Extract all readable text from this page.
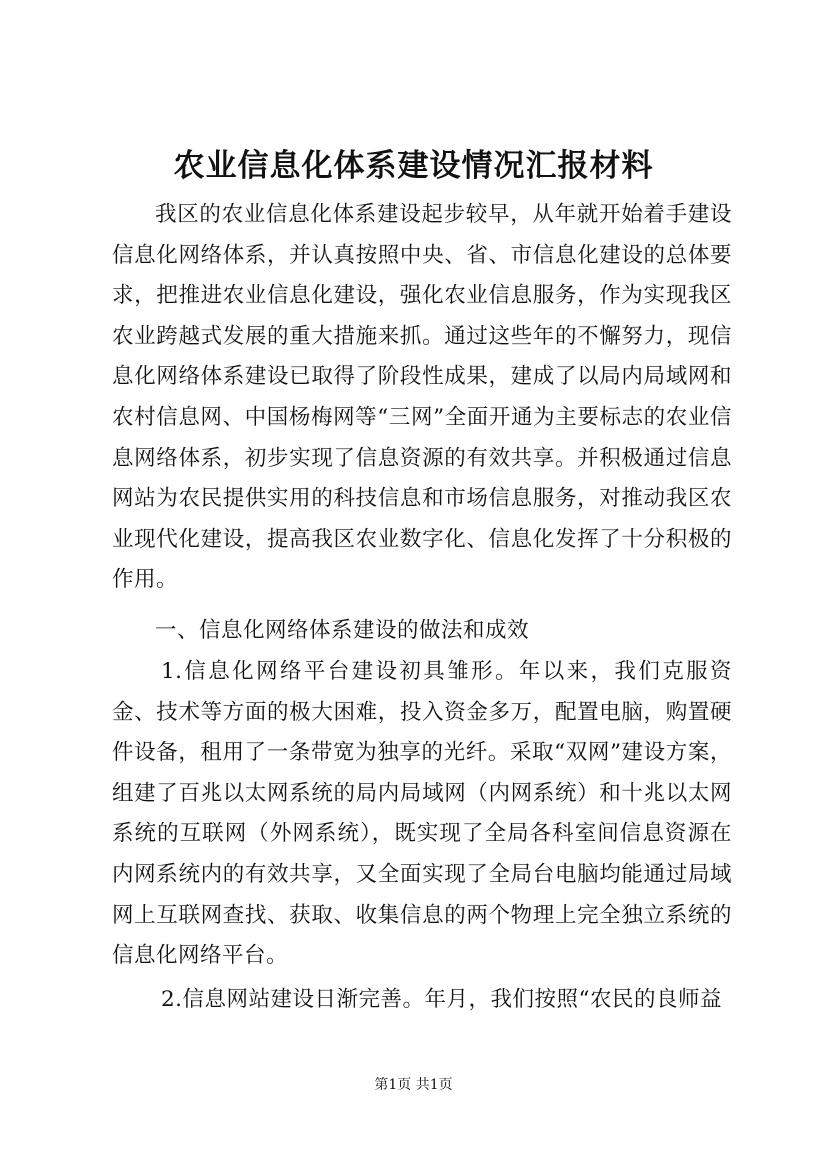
农业信息化体系建设情况汇报材料

我区的农业信息化体系建设起步较早，从年就开始着手建设信息化网络体系，并认真按照中央、省、市信息化建设的总体要求，把推进农业信息化建设，强化农业信息服务，作为实现我区农业跨越式发展的重大措施来抓。通过这些年的不懈努力，现信息化网络体系建设已取得了阶段性成果，建成了以局内局域网和农村信息网、中国杨梅网等“三网”全面开通为主要标志的农业信息网络体系，初步实现了信息资源的有效共享。并积极通过信息网站为农民提供实用的科技信息和市场信息服务，对推动我区农业现代化建设，提高我区农业数字化、信息化发挥了十分积极的作用。

一、信息化网络体系建设的做法和成效

1.信息化网络平台建设初具雏形。年以来，我们克服资金、技术等方面的极大困难，投入资金多万，配置电脑，购置硬件设备，租用了一条带宽为独享的光纤。采取“双网”建设方案，组建了百兆以太网系统的局内局域网（内网系统）和十兆以太网系统的互联网（外网系统），既实现了全局各科室间信息资源在内网系统内的有效共享，又全面实现了全局台电脑均能通过局域网上互联网查找、获取、收集信息的两个物理上完全独立系统的信息化网络平台。

2.信息网站建设日渐完善。年月，我们按照“农民的良师益

第1页 共1页
